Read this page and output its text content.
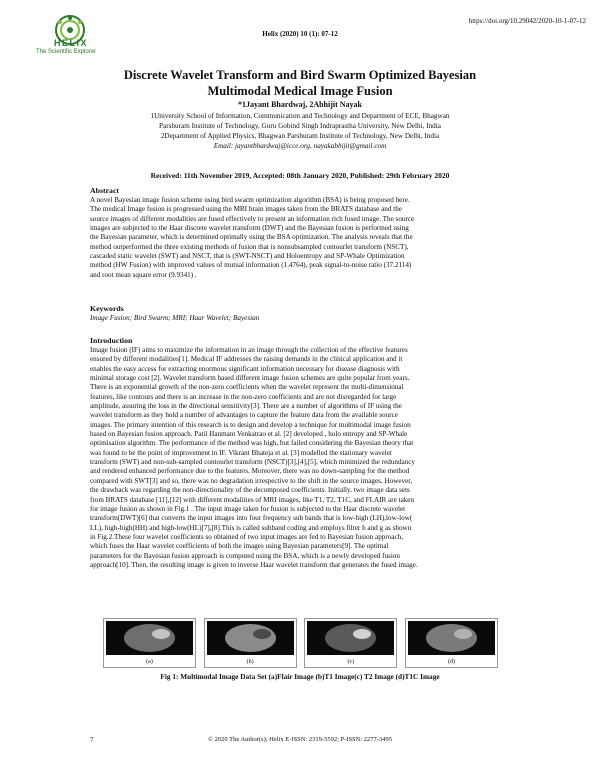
HELIX
The Scientific Explorer
https://doi.org/10.29042/2020-10-1-07-12
Helix (2020) 10 (1): 07-12
Discrete Wavelet Transform and Bird Swarm Optimized Bayesian
Multimodal Medical Image Fusion
*1Jayant Bhardwaj, 2Abhijit Nayak
1University School of Information, Communication and Technology and Department of ECE, Bhagwan
Parshuram Institute of Technology, Guru Gobind Singh Indraprastha University, New Delhi, India
2Department of Applied Physics, Bhagwan Parshuram Institute of Technology, New Delhi, India
Email: jayantbhardwaj@icce.org, nayakabhijit@gmail.com
Received: 11th November 2019, Accepted: 08th January 2020, Published: 29th February 2020
Abstract
A novel Bayesian image fusion scheme using bird swarm optimization algorithm (BSA) is being proposed here.
The medical Image fusion is progressed using the MRI brain images taken from the BRATS database and the
source images of different modalities are fused effectively to present an information rich fused image. The source
images are subjected to the Haar discrete wavelet transform (DWT) and the Bayesian fusion is performed using
the Bayesian parameter, which is determined optimally using the BSA optimization. The analysis reveals that the
method outperformed the three existing methods of fusion that is nonsubsampled contourlet transform (NSCT),
cascaded static wavelet (SWT) and NSCT, that is (SWT-NSCT) and Holoentropy and SP-Whale Optimization
method (HW Fusion) with improved values of mutual information (1.4764), peak signal-to-noise ratio (37.2114)
and root mean square error (9.9341) .
Keywords
Image Fusion; Bird Swarm; MRI; Haar Wavelet; Bayesian
Introduction
Image fusion (IF) aims to maximize the information in an image through the collection of the effective features
ensured by different modalities[1]. Medical IF addresses the raising demands in the clinical application and it
enables the easy access for extracting enormous significant information necessary for disease diagnosis with
minimal storage cost [2]. Wavelet transform based different image fusion schemes are quite popular from years.
There is an exponential growth of the non-zero coefficients when the wavelet represent the multi-dimensional
features, like contours and there is an increase in the non-zero coefficients and are not disregarded for large
amplitude, assuring the loss in the directional sensitivity[3]. There are a number of algorithms of IF using the
wavelet transform as they hold a number of advantages to capture the feature data from the available source
images. The primary intention of this research is to design and develop a technique for multimodal image fusion
based on Bayesian fusion approach. Patil Hanmant Venkatrao et al. [2] developed , holo entropy and SP-Whale
optimisation algorithm. The performance of the method was high, but failed considering the Bayesian theory that
was found to be the point of improvement in IF. Vikrant Bhateja et al. [3] modelled the stationary wavelet
transform (SWT) and non-sub-sampled contourlet transform (NSCT)[3],[4],[5], which minimized the redundancy
and rendered enhanced performance due to the features. Moreover, there was no down-sampling for the method
compared with SWT[3] and so, there was no degradation irrespective to the shift in the source images. However,
the drawback was regarding the non-directionality of the decomposed coefficients. Initially, two image data sets
from BRATS database [11],[12] with different modalities of MRI images, like T1, T2, T1C, and FLAIR are taken
for image fusion as shown in Fig.1 . The input image taken for fusion is subjected to the Haar discrete wavelet
transform(DWT)[6] that converts the input images into four frequency sub bands that is low-high (LH),low-low(
LL), high-high(HH) and high-low(HL)[7],[8].This is called subband coding and employs filter h and g as shown
in Fig.2.These four wavelet coefficients so obtained of two input images are fed to Bayesian fusion approach,
which fuses the Haar wavelet coefficients of both the images using Bayesian parameters[9]. The optimal
parameters for the Bayesian fusion approach is computed using the BSA, which is a newly developed fusion
approach[10]. Then, the resulting image is given to inverse Haar wavelet transform that generates the fused image.
(a)	(b)	(c)	(d)
Fig 1: Multimodal Image Data Set (a)Flair Image (b)T1 Image(c) T2 Image (d)T1C Image
7	© 2020 The Author(s); Helix E-ISSN: 2319-5592; P-ISSN: 2277-3495
